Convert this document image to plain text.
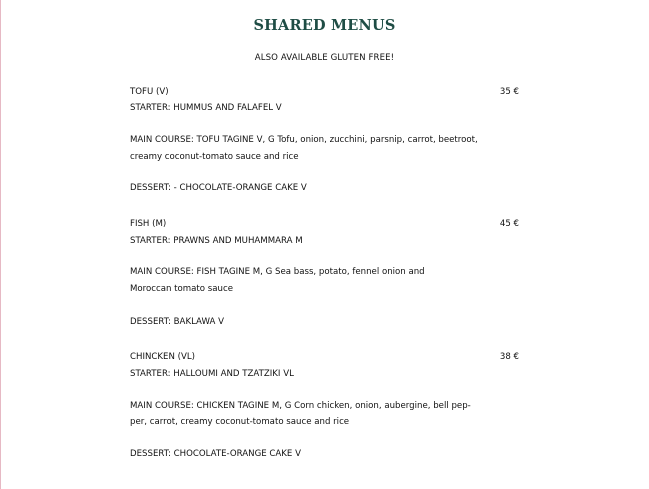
SHARED MENUS
ALSO AVAILABLE GLUTEN FREE!
TOFU (V)	35 €
STARTER: HUMMUS AND FALAFEL V
MAIN COURSE: TOFU TAGINE V, G Tofu, onion, zucchini, parsnip, carrot, beetroot,
creamy coconut-tomato sauce and rice
DESSERT: - CHOCOLATE-ORANGE CAKE V
FISH (M)	45 €
STARTER: PRAWNS AND MUHAMMARA M
MAIN COURSE: FISH TAGINE M, G Sea bass, potato, fennel onion and
Moroccan tomato sauce
DESSERT: BAKLAWA V
CHINCKEN (VL)	38 €
STARTER: HALLOUMI AND TZATZIKI VL
MAIN COURSE: CHICKEN TAGINE M, G Corn chicken, onion, aubergine, bell pep-
per, carrot, creamy coconut-tomato sauce and rice
DESSERT: CHOCOLATE-ORANGE CAKE V
